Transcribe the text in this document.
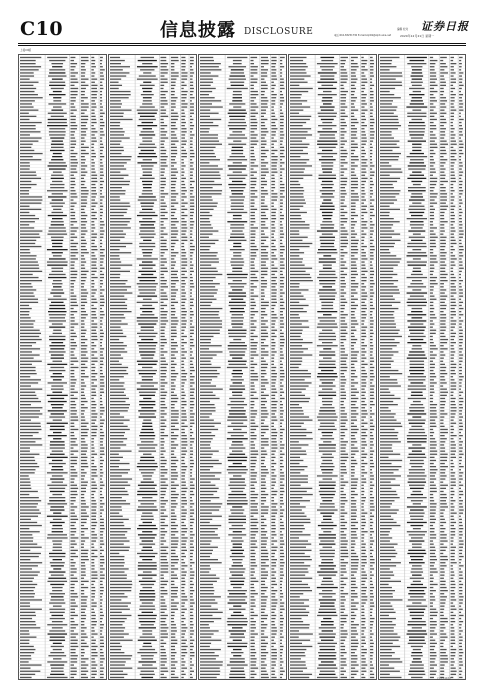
C10	信息披露 DISCLOSURE	编辑 校对
电话:010-83251730 E-mail:zqrb9@zqrb.sina.net
证券日报
2020年12月21日 星期一
上接C9版
(下转C11版)
